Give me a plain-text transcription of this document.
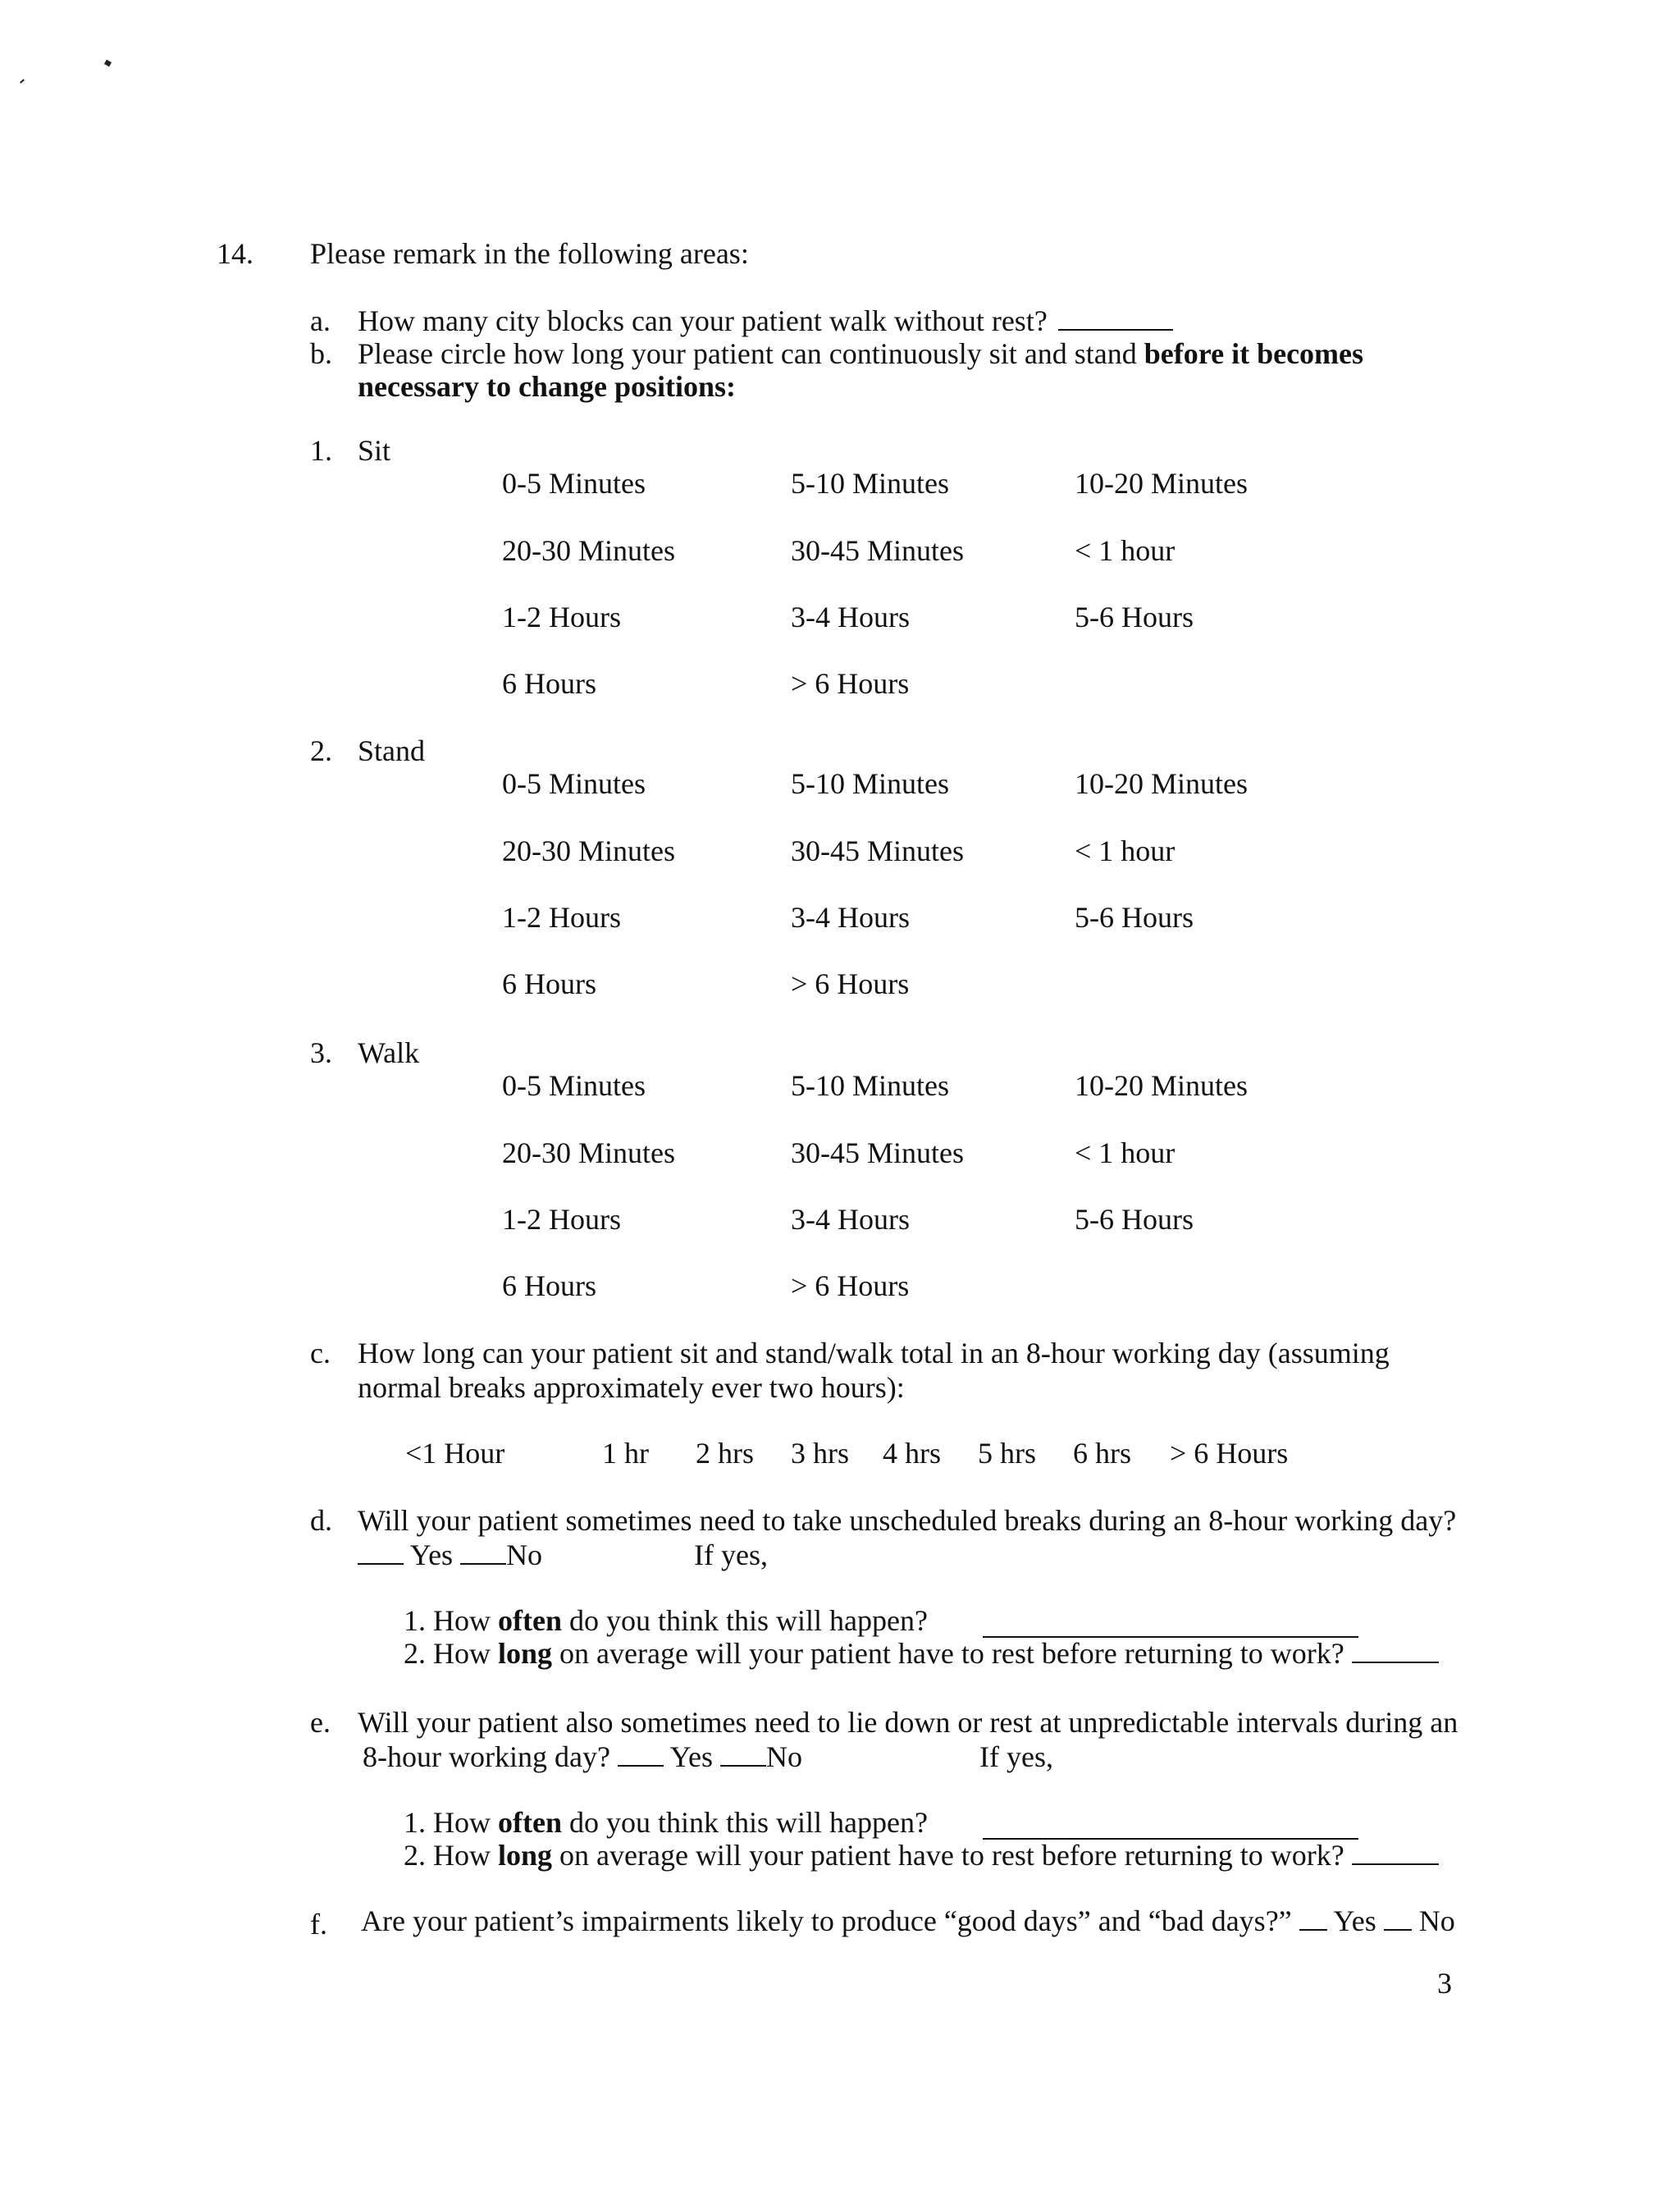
14. Please remark in the following areas:
a. How many city blocks can your patient walk without rest?
b. Please circle how long your patient can continuously sit and stand before it becomes
necessary to change positions:
1. Sit
0-5 Minutes	5-10 Minutes	10-20 Minutes
20-30 Minutes	30-45 Minutes	< 1 hour
1-2 Hours	3-4 Hours	5-6 Hours
6 Hours	> 6 Hours
2. Stand
0-5 Minutes	5-10 Minutes	10-20 Minutes
20-30 Minutes	30-45 Minutes	< 1 hour
1-2 Hours	3-4 Hours	5-6 Hours
6 Hours	> 6 Hours
3. Walk
0-5 Minutes	5-10 Minutes	10-20 Minutes
20-30 Minutes	30-45 Minutes	< 1 hour
1-2 Hours	3-4 Hours	5-6 Hours
6 Hours	> 6 Hours
c. How long can your patient sit and stand/walk total in an 8-hour working day (assuming
normal breaks approximately ever two hours):
<1 Hour	1 hr 2 hrs 3 hrs 4 hrs 5 hrs 6 hrs > 6 Hours
d. Will your patient sometimes need to take unscheduled breaks during an 8-hour working day?
Yes No	If yes,
1. How often do you think this will happen?
2. How long on average will your patient have to rest before returning to work?
e. Will your patient also sometimes need to lie down or rest at unpredictable intervals during an
8-hour working day? Yes No	If yes,
1. How often do you think this will happen?
2. How long on average will your patient have to rest before returning to work?
f. Are your patient’s impairments likely to produce “good days” and “bad days?” Yes No
3
